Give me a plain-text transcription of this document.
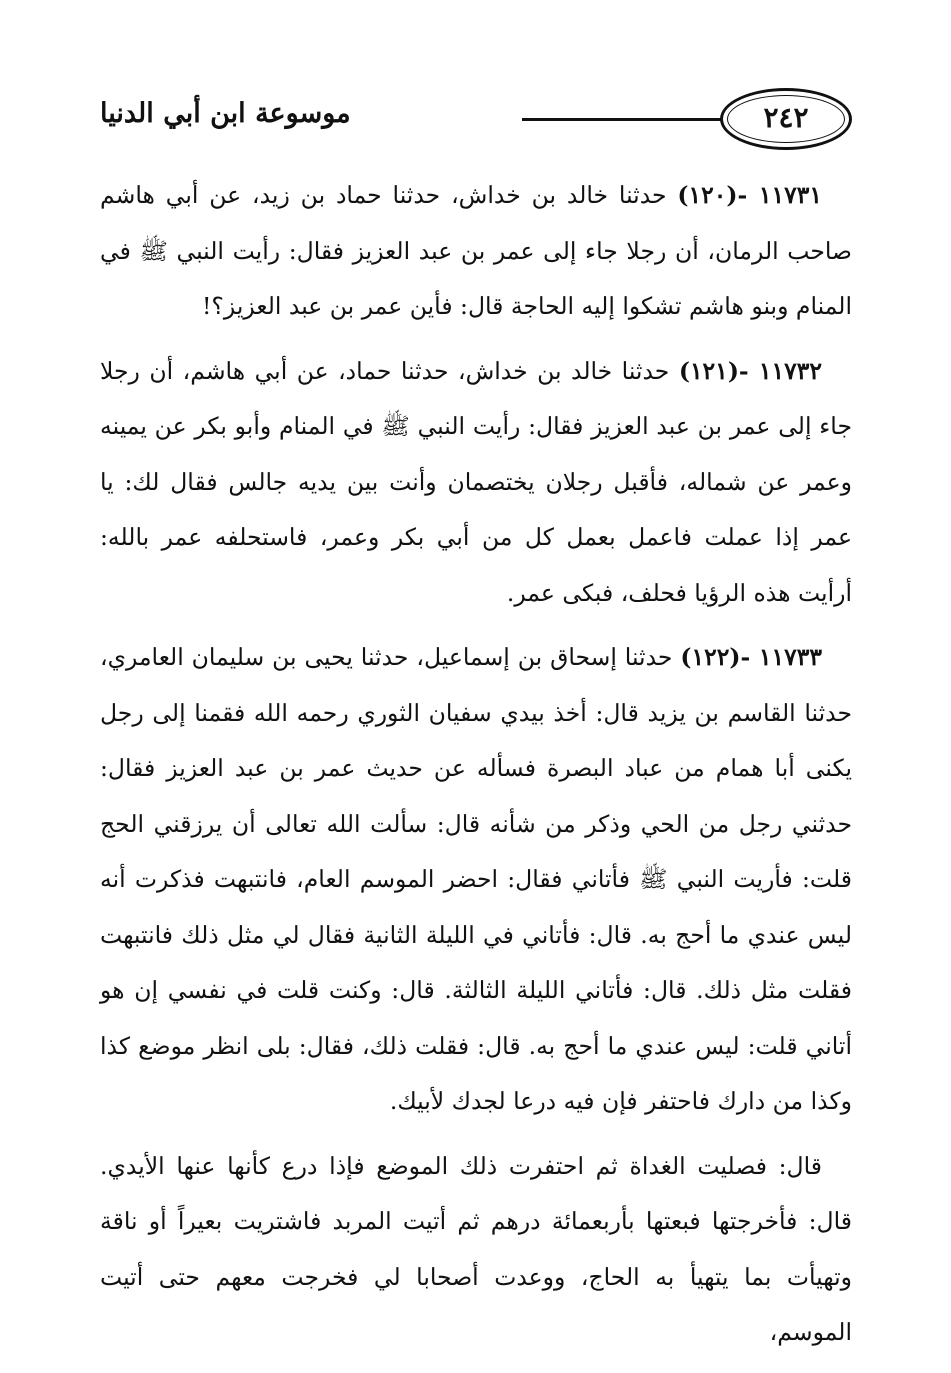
٢٤٢
موسوعة ابن أبي الدنيا

١١٧٣١ -(١٢٠) حدثنا خالد بن خداش، حدثنا حماد بن زيد، عن أبي هاشم صاحب الرمان، أن رجلا جاء إلى عمر بن عبد العزيز فقال: رأيت النبي ﷺ في المنام وبنو هاشم تشكوا إليه الحاجة قال: فأين عمر بن عبد العزيز؟!

١١٧٣٢ -(١٢١) حدثنا خالد بن خداش، حدثنا حماد، عن أبي هاشم، أن رجلا جاء إلى عمر بن عبد العزيز فقال: رأيت النبي ﷺ في المنام وأبو بكر عن يمينه وعمر عن شماله، فأقبل رجلان يختصمان وأنت بين يديه جالس فقال لك: يا عمر إذا عملت فاعمل بعمل كل من أبي بكر وعمر، فاستحلفه عمر بالله: أرأيت هذه الرؤيا فحلف، فبكى عمر.

١١٧٣٣ -(١٢٢) حدثنا إسحاق بن إسماعيل، حدثنا يحيى بن سليمان العامري، حدثنا القاسم بن يزيد قال: أخذ بيدي سفيان الثوري رحمه الله فقمنا إلى رجل يكنى أبا همام من عباد البصرة فسأله عن حديث عمر بن عبد العزيز فقال: حدثني رجل من الحي وذكر من شأنه قال: سألت الله تعالى أن يرزقني الحج قلت: فأريت النبي ﷺ فأتاني فقال: احضر الموسم العام، فانتبهت فذكرت أنه ليس عندي ما أحج به. قال: فأتاني في الليلة الثانية فقال لي مثل ذلك فانتبهت فقلت مثل ذلك. قال: فأتاني الليلة الثالثة. قال: وكنت قلت في نفسي إن هو أتاني قلت: ليس عندي ما أحج به. قال: فقلت ذلك، فقال: بلى انظر موضع كذا وكذا من دارك فاحتفر فإن فيه درعا لجدك لأبيك.

قال: فصليت الغداة ثم احتفرت ذلك الموضع فإذا درع كأنها عنها الأيدي. قال: فأخرجتها فبعتها بأربعمائة درهم ثم أتيت المربد فاشتريت بعيراً أو ناقة وتهيأت بما يتهيأ به الحاج، ووعدت أصحابا لي فخرجت معهم حتى أتيت الموسم،
